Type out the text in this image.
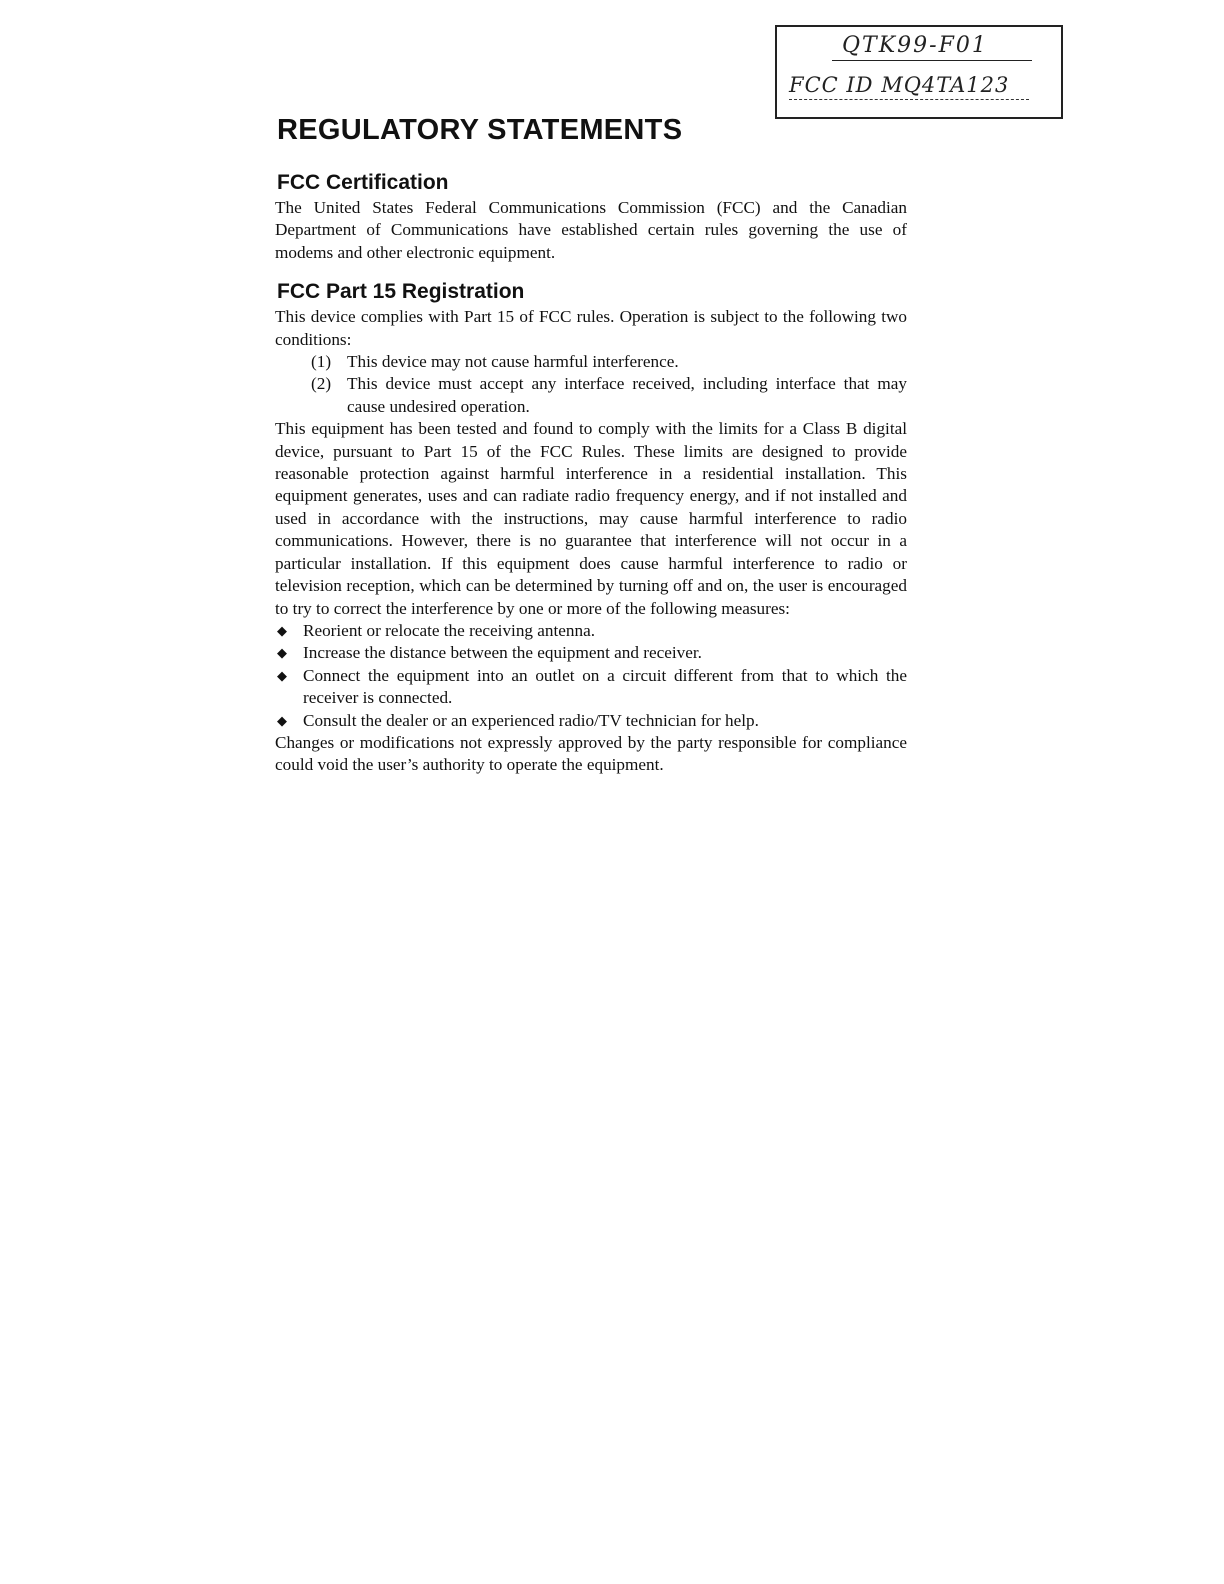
QTK99-F01
FCC ID MQ4TA123
REGULATORY STATEMENTS
FCC Certification

The United States Federal Communications Commission (FCC) and the Canadian Department of Communications have established certain rules governing the use of modems and other electronic equipment.

FCC Part 15 Registration

This device complies with Part 15 of FCC rules. Operation is subject to the following two conditions:

(1) This device may not cause harmful interference.
(2) This device must accept any interface received, including interface that may cause undesired operation.

This equipment has been tested and found to comply with the limits for a Class B digital device, pursuant to Part 15 of the FCC Rules. These limits are designed to provide reasonable protection against harmful interference in a residential installation. This equipment generates, uses and can radiate radio frequency energy, and if not installed and used in accordance with the instructions, may cause harmful interference to radio communications. However, there is no guarantee that interference will not occur in a particular installation. If this equipment does cause harmful interference to radio or television reception, which can be determined by turning off and on, the user is encouraged to try to correct the interference by one or more of the following measures:

◆ Reorient or relocate the receiving antenna.
◆ Increase the distance between the equipment and receiver.
◆ Connect the equipment into an outlet on a circuit different from that to which the receiver is connected.
◆ Consult the dealer or an experienced radio/TV technician for help.

Changes or modifications not expressly approved by the party responsible for compliance could void the user’s authority to operate the equipment.
